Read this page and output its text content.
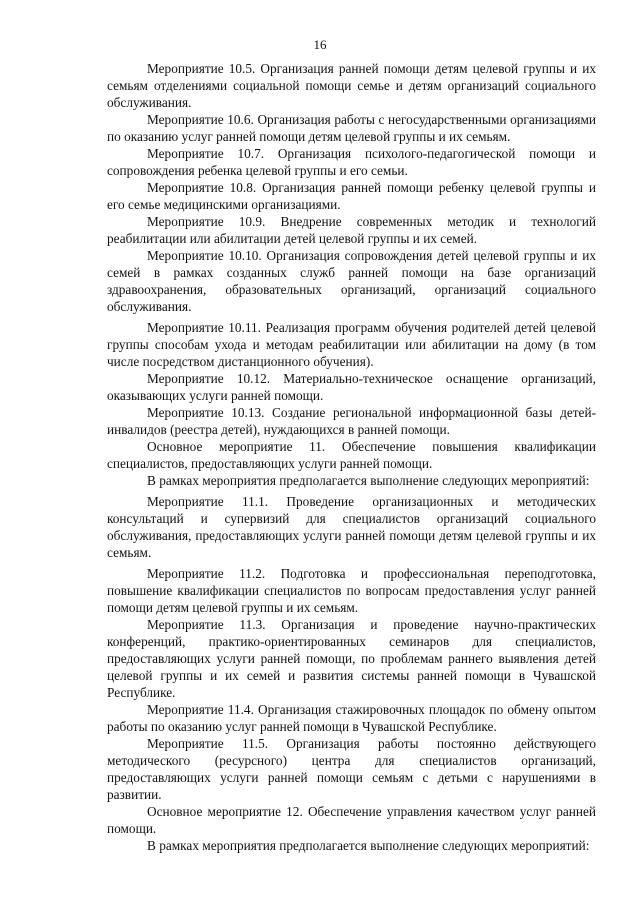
16

Мероприятие 10.5. Организация ранней помощи детям целевой группы и их семьям отделениями социальной помощи семье и детям организаций социального обслуживания.

Мероприятие 10.6. Организация работы с негосударственными организациями по оказанию услуг ранней помощи детям целевой группы и их семьям.

Мероприятие 10.7. Организация психолого-педагогической помощи и сопровождения ребенка целевой группы и его семьи.

Мероприятие 10.8. Организация ранней помощи ребенку целевой группы и его семье медицинскими организациями.

Мероприятие 10.9. Внедрение современных методик и технологий реабилитации или абилитации детей целевой группы и их семей.

Мероприятие 10.10. Организация сопровождения детей целевой группы и их семей в рамках созданных служб ранней помощи на базе организаций здравоохранения, образовательных организаций, организаций социального обслуживания.

Мероприятие 10.11. Реализация программ обучения родителей детей целевой группы способам ухода и методам реабилитации или абилитации на дому (в том числе посредством дистанционного обучения).

Мероприятие 10.12. Материально-техническое оснащение организаций, оказывающих услуги ранней помощи.

Мероприятие 10.13. Создание региональной информационной базы детей-инвалидов (реестра детей), нуждающихся в ранней помощи.

Основное мероприятие 11. Обеспечение повышения квалификации специалистов, предоставляющих услуги ранней помощи.

В рамках мероприятия предполагается выполнение следующих мероприятий:

Мероприятие 11.1. Проведение организационных и методических консультаций и супервизий для специалистов организаций социального обслуживания, предоставляющих услуги ранней помощи детям целевой группы и их семьям.

Мероприятие 11.2. Подготовка и профессиональная переподготовка, повышение квалификации специалистов по вопросам предоставления услуг ранней помощи детям целевой группы и их семьям.

Мероприятие 11.3. Организация и проведение научно-практических конференций, практико-ориентированных семинаров для специалистов, предоставляющих услуги ранней помощи, по проблемам раннего выявления детей целевой группы и их семей и развития системы ранней помощи в Чувашской Республике.

Мероприятие 11.4. Организация стажировочных площадок по обмену опытом работы по оказанию услуг ранней помощи в Чувашской Республике.

Мероприятие 11.5. Организация работы постоянно действующего методического (ресурсного) центра для специалистов организаций, предоставляющих услуги ранней помощи семьям с детьми с нарушениями в развитии.

Основное мероприятие 12. Обеспечение управления качеством услуг ранней помощи.

В рамках мероприятия предполагается выполнение следующих мероприятий:
